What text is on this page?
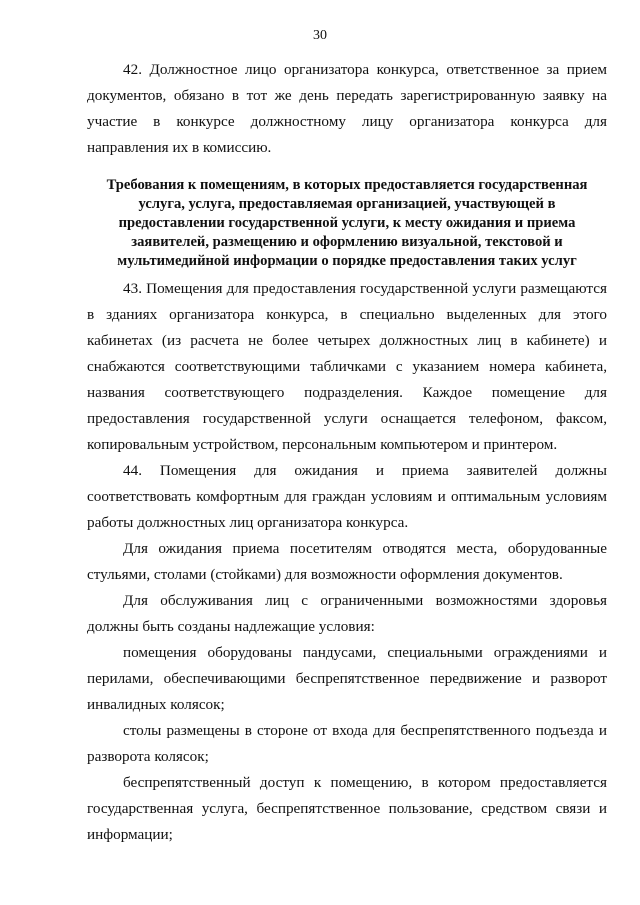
30

42. Должностное лицо организатора конкурса, ответственное за прием документов, обязано в тот же день передать зарегистрированную заявку на участие в конкурсе должностному лицу организатора конкурса для направления их в комиссию.

Требования к помещениям, в которых предоставляется государственная услуга, услуга, предоставляемая организацией, участвующей в предоставлении государственной услуги, к месту ожидания и приема заявителей, размещению и оформлению визуальной, текстовой и мультимедийной информации о порядке предоставления таких услуг

43. Помещения для предоставления государственной услуги размещаются в зданиях организатора конкурса, в специально выделенных для этого кабинетах (из расчета не более четырех должностных лиц в кабинете) и снабжаются соответствующими табличками с указанием номера кабинета, названия соответствующего подразделения. Каждое помещение для предоставления государственной услуги оснащается телефоном, факсом, копировальным устройством, персональным компьютером и принтером.

44. Помещения для ожидания и приема заявителей должны соответствовать комфортным для граждан условиям и оптимальным условиям работы должностных лиц организатора конкурса.

Для ожидания приема посетителям отводятся места, оборудованные стульями, столами (стойками) для возможности оформления документов.

Для обслуживания лиц с ограниченными возможностями здоровья должны быть созданы надлежащие условия:

помещения оборудованы пандусами, специальными ограждениями и перилами, обеспечивающими беспрепятственное передвижение и разворот инвалидных колясок;

столы размещены в стороне от входа для беспрепятственного подъезда и разворота колясок;

беспрепятственный доступ к помещению, в котором предоставляется государственная услуга, беспрепятственное пользование, средством связи и информации;
